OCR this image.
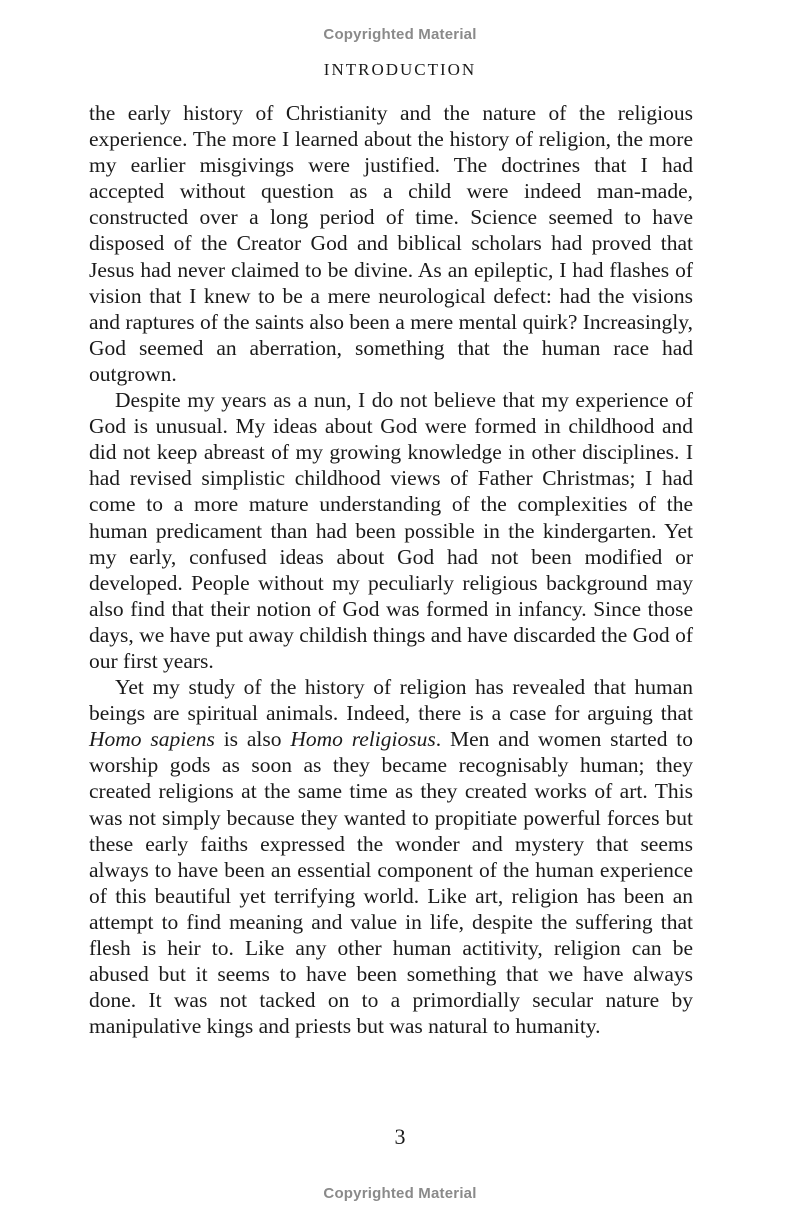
Copyrighted Material
INTRODUCTION

the early history of Christianity and the nature of the religious experience. The more I learned about the history of religion, the more my earlier misgivings were justified. The doctrines that I had accepted without question as a child were indeed man-made, constructed over a long period of time. Science seemed to have disposed of the Creator God and biblical scholars had proved that Jesus had never claimed to be divine. As an epileptic, I had flashes of vision that I knew to be a mere neurological defect: had the visions and raptures of the saints also been a mere mental quirk? Increasingly, God seemed an aberration, something that the human race had outgrown.

Despite my years as a nun, I do not believe that my experience of God is unusual. My ideas about God were formed in childhood and did not keep abreast of my growing knowledge in other disciplines. I had revised simplistic childhood views of Father Christmas; I had come to a more mature understanding of the complexities of the human predicament than had been possible in the kindergarten. Yet my early, confused ideas about God had not been modified or developed. People without my peculiarly religious background may also find that their notion of God was formed in infancy. Since those days, we have put away childish things and have discarded the God of our first years.

Yet my study of the history of religion has revealed that human beings are spiritual animals. Indeed, there is a case for arguing that Homo sapiens is also Homo religiosus. Men and women started to worship gods as soon as they became recognisably human; they created religions at the same time as they created works of art. This was not simply because they wanted to propitiate powerful forces but these early faiths expressed the wonder and mystery that seems always to have been an essential component of the human experience of this beautiful yet terrifying world. Like art, religion has been an attempt to find meaning and value in life, despite the suffering that flesh is heir to. Like any other human actitivity, religion can be abused but it seems to have been something that we have always done. It was not tacked on to a primordially secular nature by manipulative kings and priests but was natural to humanity.

3
Copyrighted Material
